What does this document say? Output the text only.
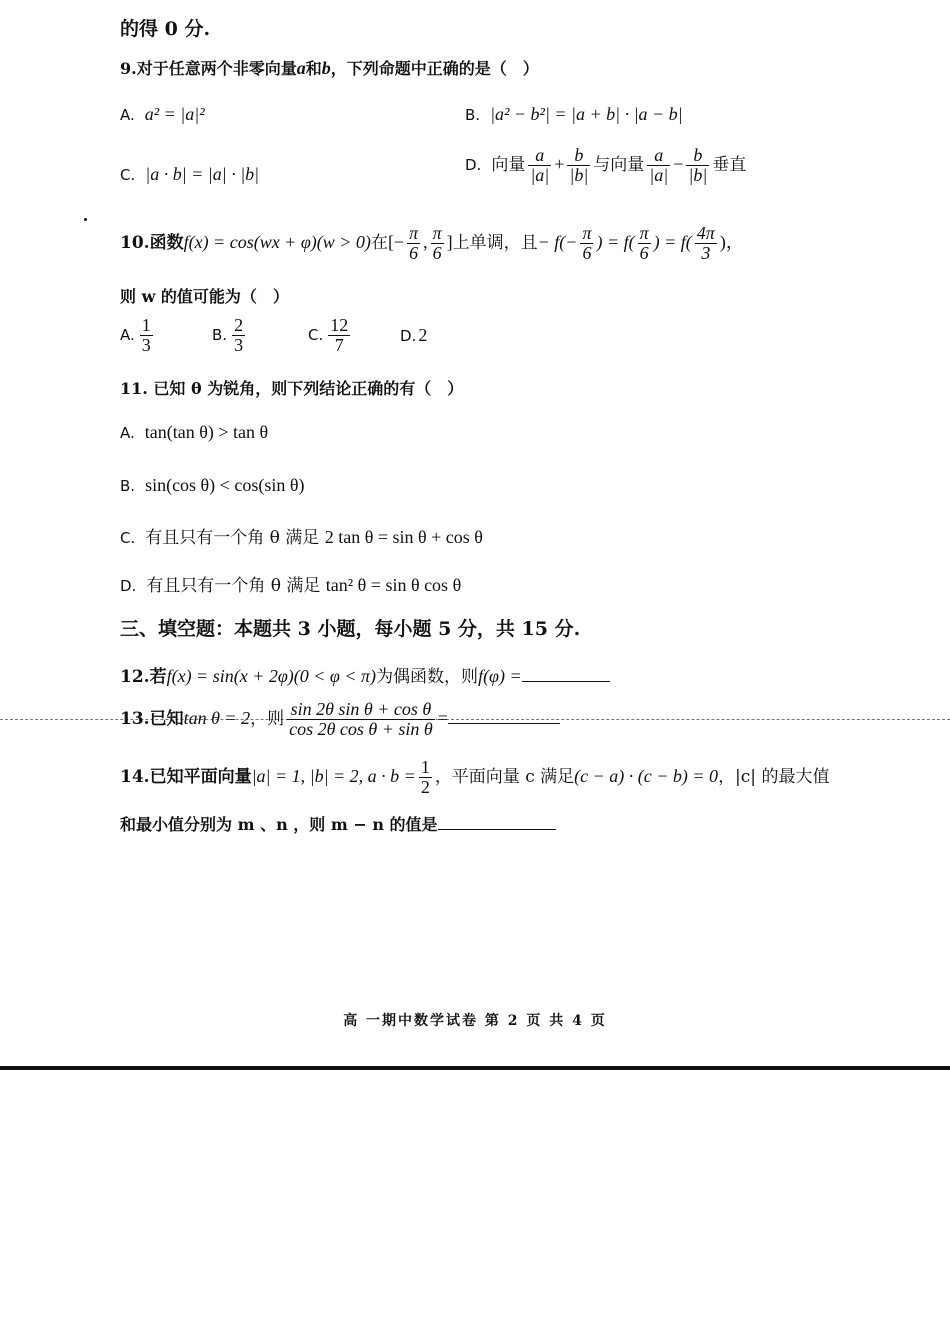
的得 0 分.
9.对于任意两个非零向量a和b，下列命题中正确的是（　）
A. a² = |a|²	B. |a² − b²| = |a + b| · |a − b|
C. |a · b| = |a| · |b|	D. 向量 $\frac{a}{|a|} + \frac{b}{|b|}$ 与向量 $\frac{a}{|a|} - \frac{b}{|b|}$ 垂直
10.函数f(x) = cos(wx + φ)(w > 0)在[− $\frac{\pi}{6}$ , $\frac{\pi}{6}$ ]上单调，且− $f(- \frac{\pi}{6}$ ) = $f( \frac{\pi}{6}$ ) = $f( \frac{4\pi}{3}$ )，
则 w 的值可能为（　）
A. $\frac{1}{3}$	B. $\frac{2}{3}$	C. $\frac{12}{7}$	D. 2
11. 已知 θ 为锐角，则下列结论正确的有（　）
A. tan(tan θ) > tan θ
B. sin(cos θ) < cos(sin θ)
C. 有且只有一个角 θ 满足 2 tan θ = sin θ + cos θ
D. 有且只有一个角 θ 满足 tan² θ = sin θ cos θ
三、填空题：本题共 3 小题，每小题 5 分，共 15 分.
12.若f(x) = sin(x + 2φ)(0 < φ < π)为偶函数，则f(φ) =
13.已知tan θ = 2，则 $\frac{\text{sin 2θ sin θ + cos θ}}{\text{cos 2θ cos θ + sin θ}}$ =
14.已知平面向量|a| = 1, |b| = 2, $a \cdot b = \frac{1}{2}$ ，平面向量 c 满足(c − a) · (c − b) = 0，|c| 的最大值
和最小值分别为 m 、n ，则 m − n 的值是
高 一期中数学试卷 第 2 页 共 4 页
